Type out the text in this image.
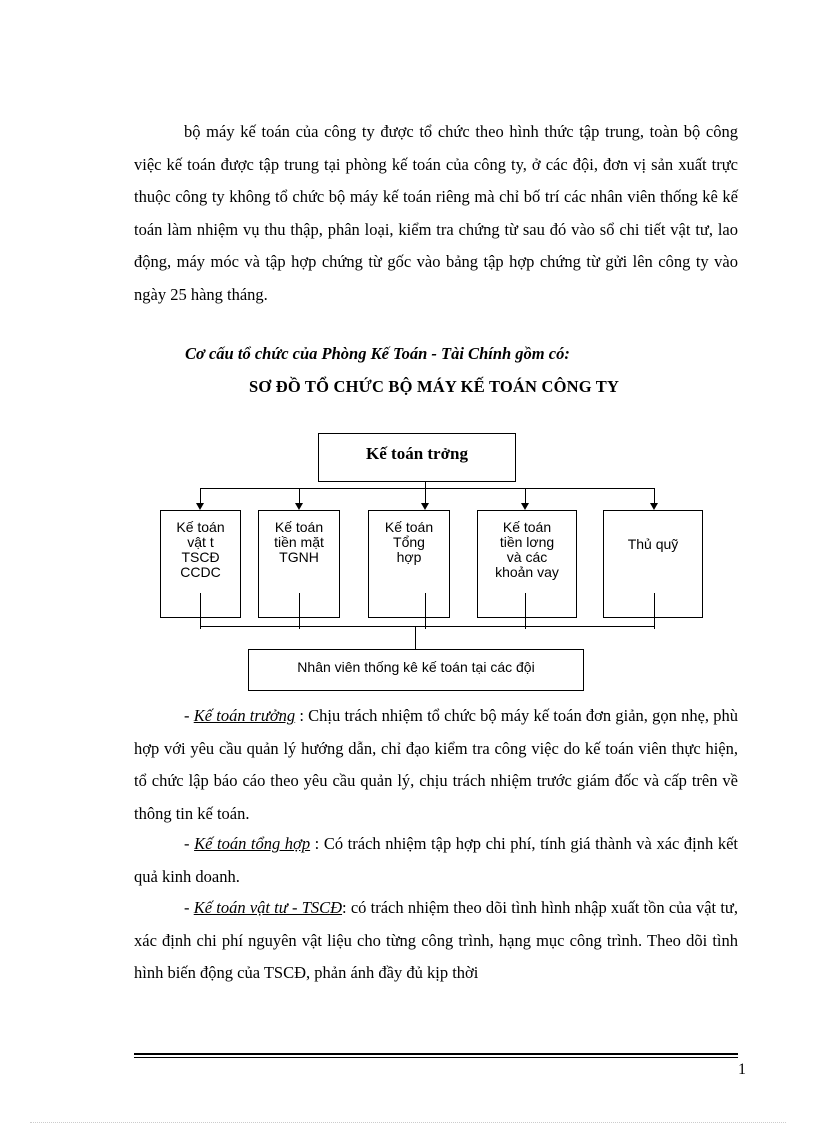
bộ máy kế toán của công ty được tổ chức theo hình thức tập trung, toàn bộ công việc kế toán được tập trung tại phòng kế toán của công ty, ở các đội, đơn vị sản xuất trực thuộc công ty không tổ chức bộ máy kế toán riêng mà chỉ bố trí các nhân viên thống kê kế toán làm nhiệm vụ thu thập, phân loại, kiểm tra chứng từ sau đó vào sổ chi tiết vật tư, lao động, máy móc và tập hợp chứng từ gốc vào bảng tập hợp chứng từ gửi lên công ty vào ngày 25 hàng tháng.

Cơ cấu tổ chức của Phòng Kế Toán - Tài Chính gồm có:
SƠ ĐỒ TỔ CHỨC BỘ MÁY KẾ TOÁN CÔNG TY
Kế toán trởng
Kế toán
vật t
TSCĐ
CCDC
Kế toán
tiền mặt
TGNH
Kế toán
Tổng
hợp
Kế toán
tiền lơng
và các
khoản vay
Thủ quỹ
Nhân viên thống kê kế toán tại các đội

- Kế toán trưởng : Chịu trách nhiệm tổ chức bộ máy kế toán đơn giản, gọn nhẹ, phù hợp với yêu cầu quản lý hướng dẫn, chỉ đạo kiểm tra công việc do kế toán viên thực hiện, tổ chức lập báo cáo theo yêu cầu quản lý, chịu trách nhiệm trước giám đốc và cấp trên về thông tin kế toán.

- Kế toán tổng hợp : Có trách nhiệm tập hợp chi phí, tính giá thành và xác định kết quả kinh doanh.

- Kế toán vật tư - TSCĐ: có trách nhiệm theo dõi tình hình nhập xuất tồn của vật tư, xác định chi phí nguyên vật liệu cho từng công trình, hạng mục công trình. Theo dõi tình hình biến động của TSCĐ, phản ánh đầy đủ kịp thời

1
